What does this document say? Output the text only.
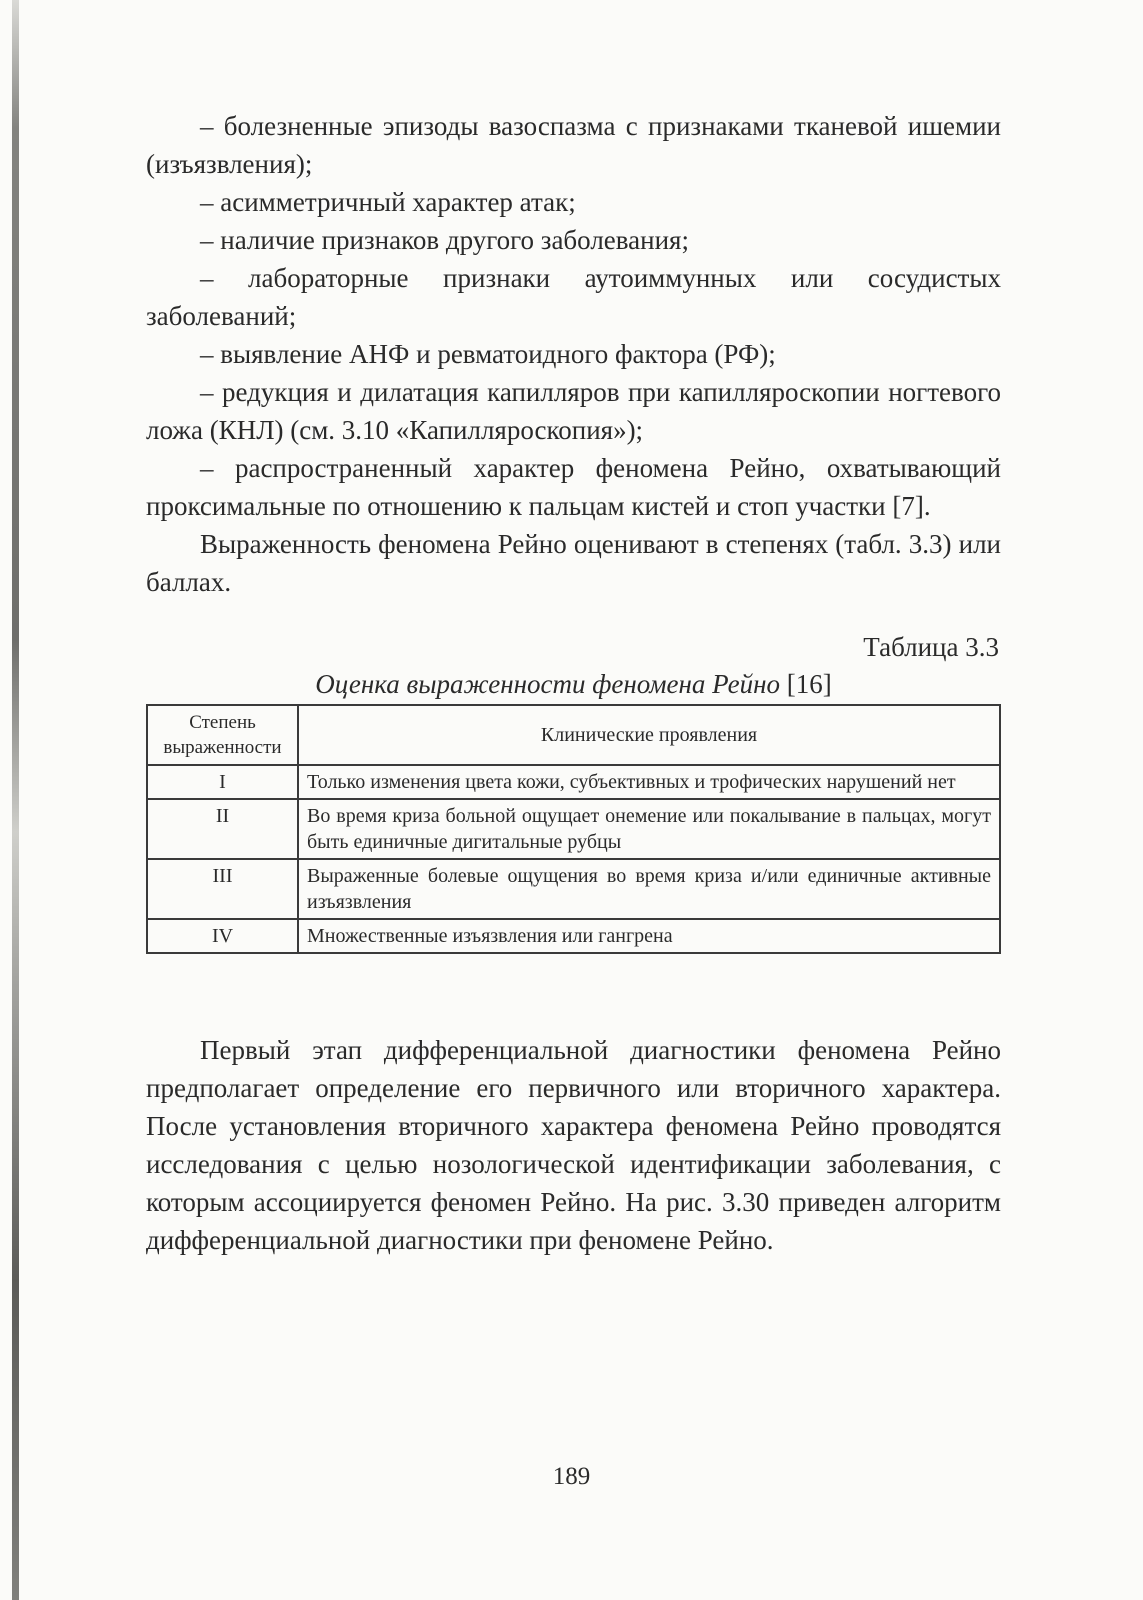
– болезненные эпизоды вазоспазма с признаками тканевой ишемии (изъязвления);

– асимметричный характер атак;

– наличие признаков другого заболевания;

– лабораторные признаки аутоиммунных или сосудистых заболеваний;

– выявление АНФ и ревматоидного фактора (РФ);

– редукция и дилатация капилляров при капилляроскопии ногтевого ложа (КНЛ) (см. 3.10 «Капилляроскопия»);

– распространенный характер феномена Рейно, охватывающий проксимальные по отношению к пальцам кистей и стоп участки [7].

Выраженность феномена Рейно оценивают в степенях (табл. 3.3) или баллах.

Таблица 3.3
Оценка выраженности феномена Рейно [16]
Степень
выраженности	Клинические проявления
I	Только изменения цвета кожи, субъективных и трофических нарушений нет
II	Во время криза больной ощущает онемение или покалывание в пальцах, могут быть единичные дигитальные рубцы
III	Выраженные болевые ощущения во время криза и/или единичные активные изъязвления
IV	Множественные изъязвления или гангрена

Первый этап дифференциальной диагностики феномена Рейно предполагает определение его первичного или вторичного характера. После установления вторичного характера феномена Рейно проводятся исследования с целью нозологической идентификации заболевания, с которым ассоциируется феномен Рейно. На рис. 3.30 приведен алгоритм дифференциальной диагностики при феномене Рейно.

189
